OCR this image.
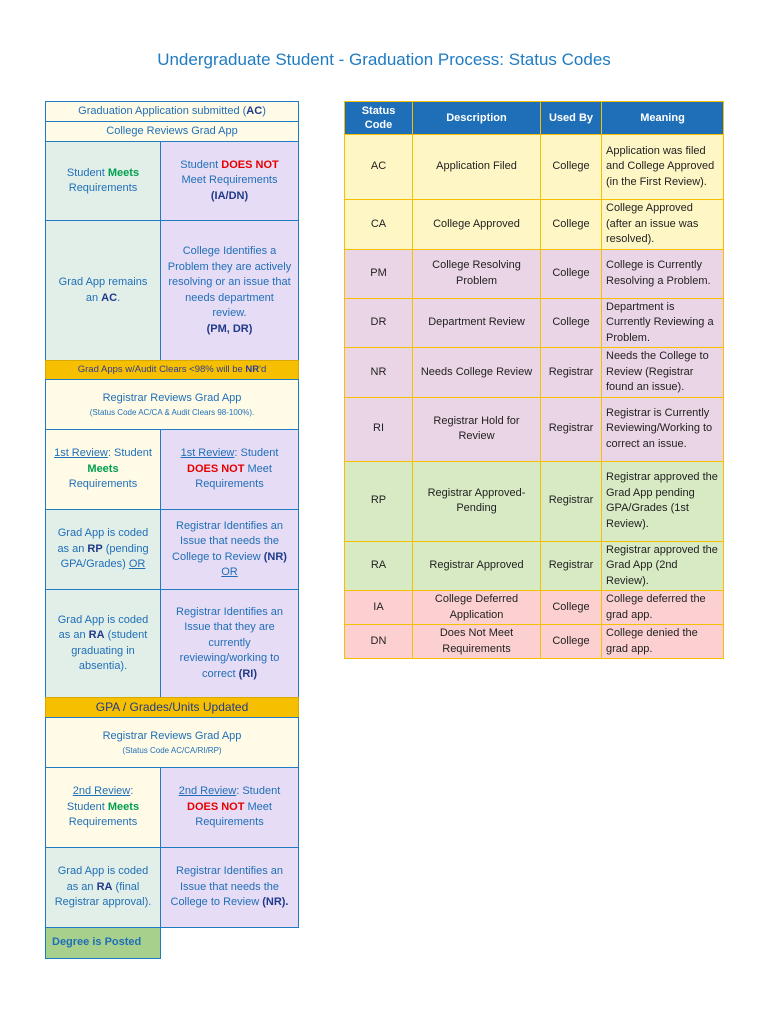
Undergraduate Student - Graduation Process: Status Codes
Graduation Application submitted (AC)
College Reviews Grad App
Student Meets
Requirements
Student DOES NOT
Meet Requirements
(IA/DN)
Grad App remains an AC.
College Identifies a Problem they are actively resolving or an issue that needs department review.
(PM, DR)
Grad Apps w/Audit Clears <98% will be NR'd
Registrar Reviews Grad App
(Status Code AC/CA & Audit Clears 98-100%).
1st Review: Student
Meets
Requirements
1st Review: Student
DOES NOT Meet
Requirements
Grad App is coded as an RP (pending GPA/Grades) OR
Registrar Identifies an Issue that needs the College to Review (NR)
OR
Grad App is coded as an RA (student graduating in absentia).
Registrar Identifies an Issue that they are currently reviewing/working to correct (RI)
GPA / Grades/Units Updated
Registrar Reviews Grad App
(Status Code AC/CA/RI/RP)
2nd Review:
Student Meets
Requirements
2nd Review: Student
DOES NOT Meet
Requirements
Grad App is coded as an RA (final Registrar approval).
Registrar Identifies an Issue that needs the College to Review (NR).
Degree is Posted
Status Code	Description	Used By	Meaning
AC	Application Filed	College	Application was filed and College Approved (in the First Review).
CA	College Approved	College	College Approved (after an issue was resolved).
PM	College Resolving Problem	College	College is Currently Resolving a Problem.
DR	Department Review	College	Department is Currently Reviewing a Problem.
NR	Needs College Review	Registrar	Needs the College to Review (Registrar found an issue).
RI	Registrar Hold for Review	Registrar	Registrar is Currently Reviewing/Working to correct an issue.
RP	Registrar Approved-Pending	Registrar	Registrar approved the Grad App pending GPA/Grades (1st Review).
RA	Registrar Approved	Registrar	Registrar approved the Grad App (2nd Review).
IA	College Deferred Application	College	College deferred the grad app.
DN	Does Not Meet Requirements	College	College denied the grad app.
